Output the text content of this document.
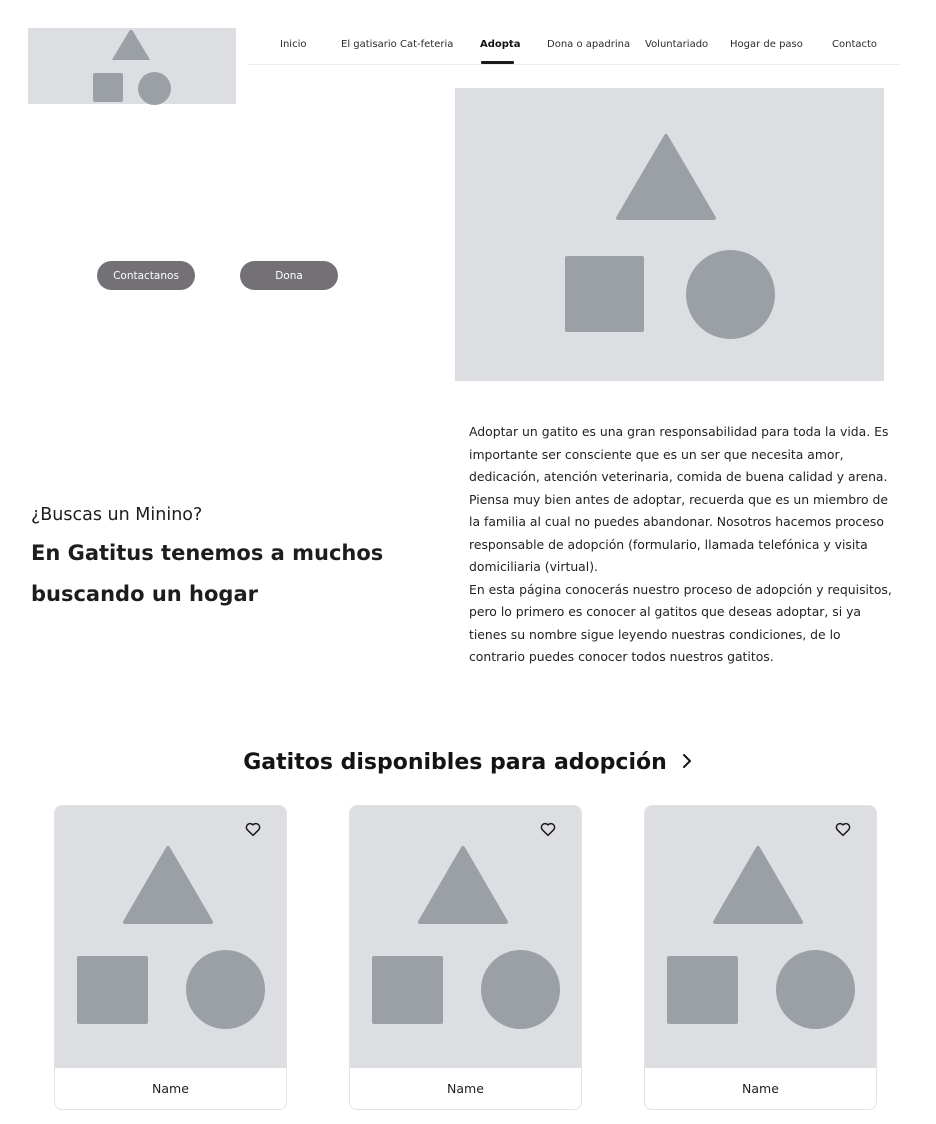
Inicio	El gatisario Cat-feteria	Adopta	Dona o apadrina Voluntariado Hogar de paso	Contacto
Contactanos	Dona
¿Buscas un Minino?
En Gatitus tenemos a muchos
buscando un hogar

Adoptar un gatito es una gran responsabilidad para toda la vida. Es importante ser consciente que es un ser que necesita amor, dedicación, atención veterinaria, comida de buena calidad y arena. Piensa muy bien antes de adoptar, recuerda que es un miembro de la familia al cual no puedes abandonar. Nosotros hacemos proceso responsable de adopción (formulario, llamada telefónica y visita domiciliaria (virtual).

En esta página conocerás nuestro proceso de adopción y requisitos, pero lo primero es conocer al gatitos que deseas adoptar, si ya tienes su nombre sigue leyendo nuestras condiciones, de lo contrario puedes conocer todos nuestros gatitos.

Gatitos disponibles para adopción
Name	Name	Name
